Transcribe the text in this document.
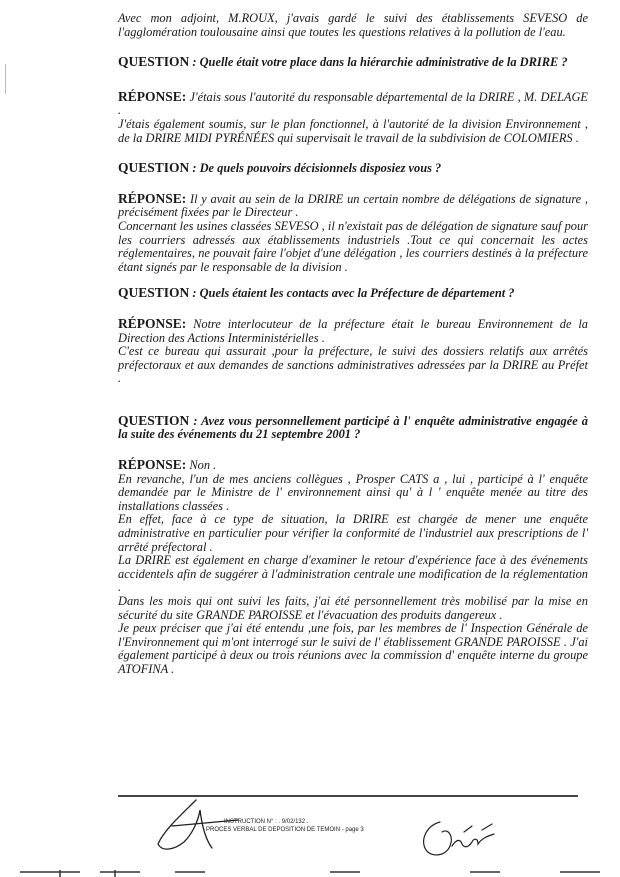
Avec mon adjoint, M.ROUX, j'avais gardé le suivi des établissements SEVESO de l'agglomération toulousaine ainsi que toutes les questions relatives à la pollution de l'eau.

QUESTION : Quelle était votre place dans la hiérarchie administrative de la DRIRE ?

RÉPONSE: J'étais sous l'autorité du responsable départemental de la DRIRE , M. DELAGE .

J'étais également soumis, sur le plan fonctionnel, à l'autorité de la division Environnement , de la DRIRE MIDI PYRÉNÉES qui supervisait le travail de la subdivision de COLOMIERS .

QUESTION : De quels pouvoirs décisionnels disposiez vous ?

RÉPONSE: Il y avait au sein de la DRIRE un certain nombre de délégations de signature , précisément fixées par le Directeur .

Concernant les usines classées SEVESO , il n'existait pas de délégation de signature sauf pour les courriers adressés aux établissements industriels .Tout ce qui concernait les actes réglementaires, ne pouvait faire l'objet d'une délégation , les courriers destinés à la préfecture étant signés par le responsable de la division .

QUESTION : Quels étaient les contacts avec la Préfecture de département ?

RÉPONSE: Notre interlocuteur de la préfecture était le bureau Environnement de la Direction des Actions Interministérielles .

C'est ce bureau qui assurait ,pour la préfecture, le suivi des dossiers relatifs aux arrêtés préfectoraux et aux demandes de sanctions administratives adressées par la DRIRE au Préfet .

QUESTION : Avez vous personnellement participé à l' enquête administrative engagée à la suite des événements du 21 septembre 2001 ?

RÉPONSE: Non .

En revanche, l'un de mes anciens collègues , Prosper CATS a , lui , participé à l' enquête demandée par le Ministre de l' environnement ainsi qu' à l ' enquête menée au titre des installations classées .

En effet, face à ce type de situation, la DRIRE est chargée de mener une enquête administrative en particulier pour vérifier la conformité de l'industriel aux prescriptions de l' arrêté préfectoral .

La DRIRE est également en charge d'examiner le retour d'expérience face à des événements accidentels afin de suggérer à l'administration centrale une modification de la réglementation .

Dans les mois qui ont suivi les faits, j'ai été personnellement très mobilisé par la mise en sécurité du site GRANDE PAROISSE et l'évacuation des produits dangereux .

Je peux préciser que j'ai été entendu ,une fois, par les membres de l' Inspection Générale de l'Environnement qui m'ont interrogé sur le suivi de l' établissement GRANDE PAROISSE . J'ai également participé à deux ou trois réunions avec la commission d' enquête interne du groupe ATOFINA .

INSTRUCTION N° : . 9/02/132 .
PROCES VERBAL DE DEPOSITION DE TEMOIN - page 3
